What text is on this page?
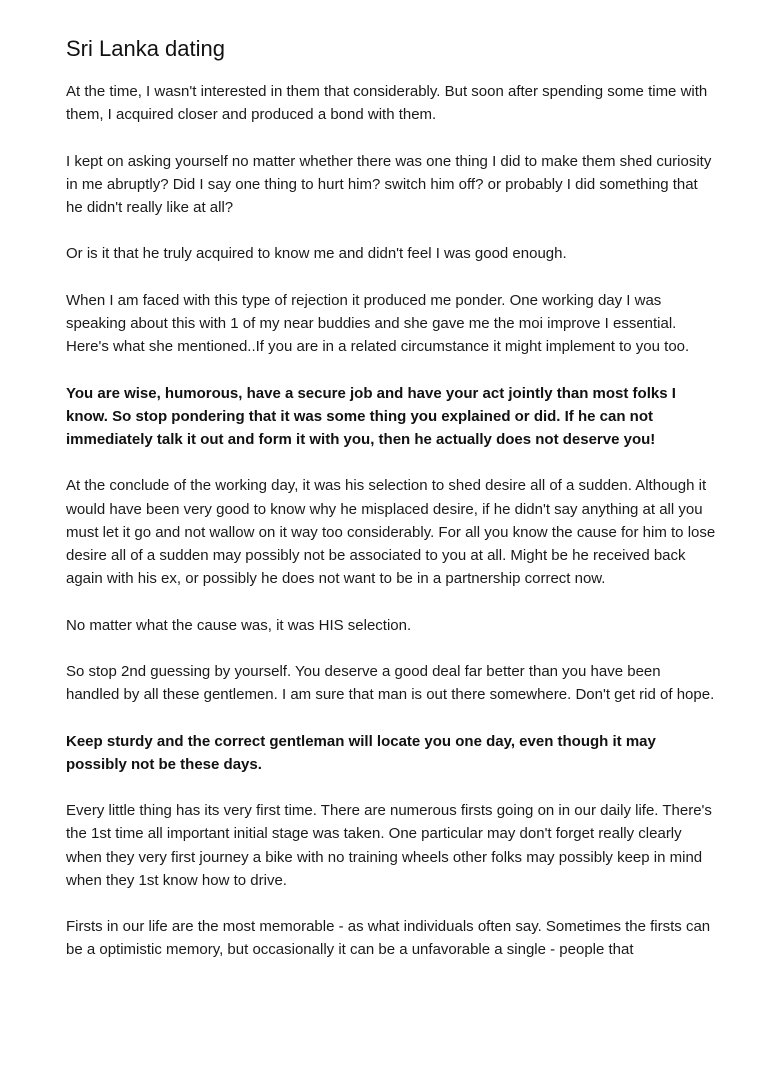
Sri Lanka dating

At the time, I wasn't interested in them that considerably. But soon after spending some time with them, I acquired closer and produced a bond with them.

I kept on asking yourself no matter whether there was one thing I did to make them shed curiosity in me abruptly? Did I say one thing to hurt him? switch him off? or probably I did something that he didn't really like at all?

Or is it that he truly acquired to know me and didn't feel I was good enough.

When I am faced with this type of rejection it produced me ponder. One working day I was speaking about this with 1 of my near buddies and she gave me the moi improve I essential. Here's what she mentioned..If you are in a related circumstance it might implement to you too.

You are wise, humorous, have a secure job and have your act jointly than most folks I know. So stop pondering that it was some thing you explained or did. If he can not immediately talk it out and form it with you, then he actually does not deserve you!

At the conclude of the working day, it was his selection to shed desire all of a sudden. Although it would have been very good to know why he misplaced desire, if he didn't say anything at all you must let it go and not wallow on it way too considerably. For all you know the cause for him to lose desire all of a sudden may possibly not be associated to you at all. Might be he received back again with his ex, or possibly he does not want to be in a partnership correct now.

No matter what the cause was, it was HIS selection.

So stop 2nd guessing by yourself. You deserve a good deal far better than you have been handled by all these gentlemen. I am sure that man is out there somewhere. Don't get rid of hope.

Keep sturdy and the correct gentleman will locate you one day, even though it may possibly not be these days.

Every little thing has its very first time. There are numerous firsts going on in our daily life. There's the 1st time all important initial stage was taken. One particular may don't forget really clearly when they very first journey a bike with no training wheels other folks may possibly keep in mind when they 1st know how to drive.

Firsts in our life are the most memorable - as what individuals often say. Sometimes the firsts can be a optimistic memory, but occasionally it can be a unfavorable a single - people that
